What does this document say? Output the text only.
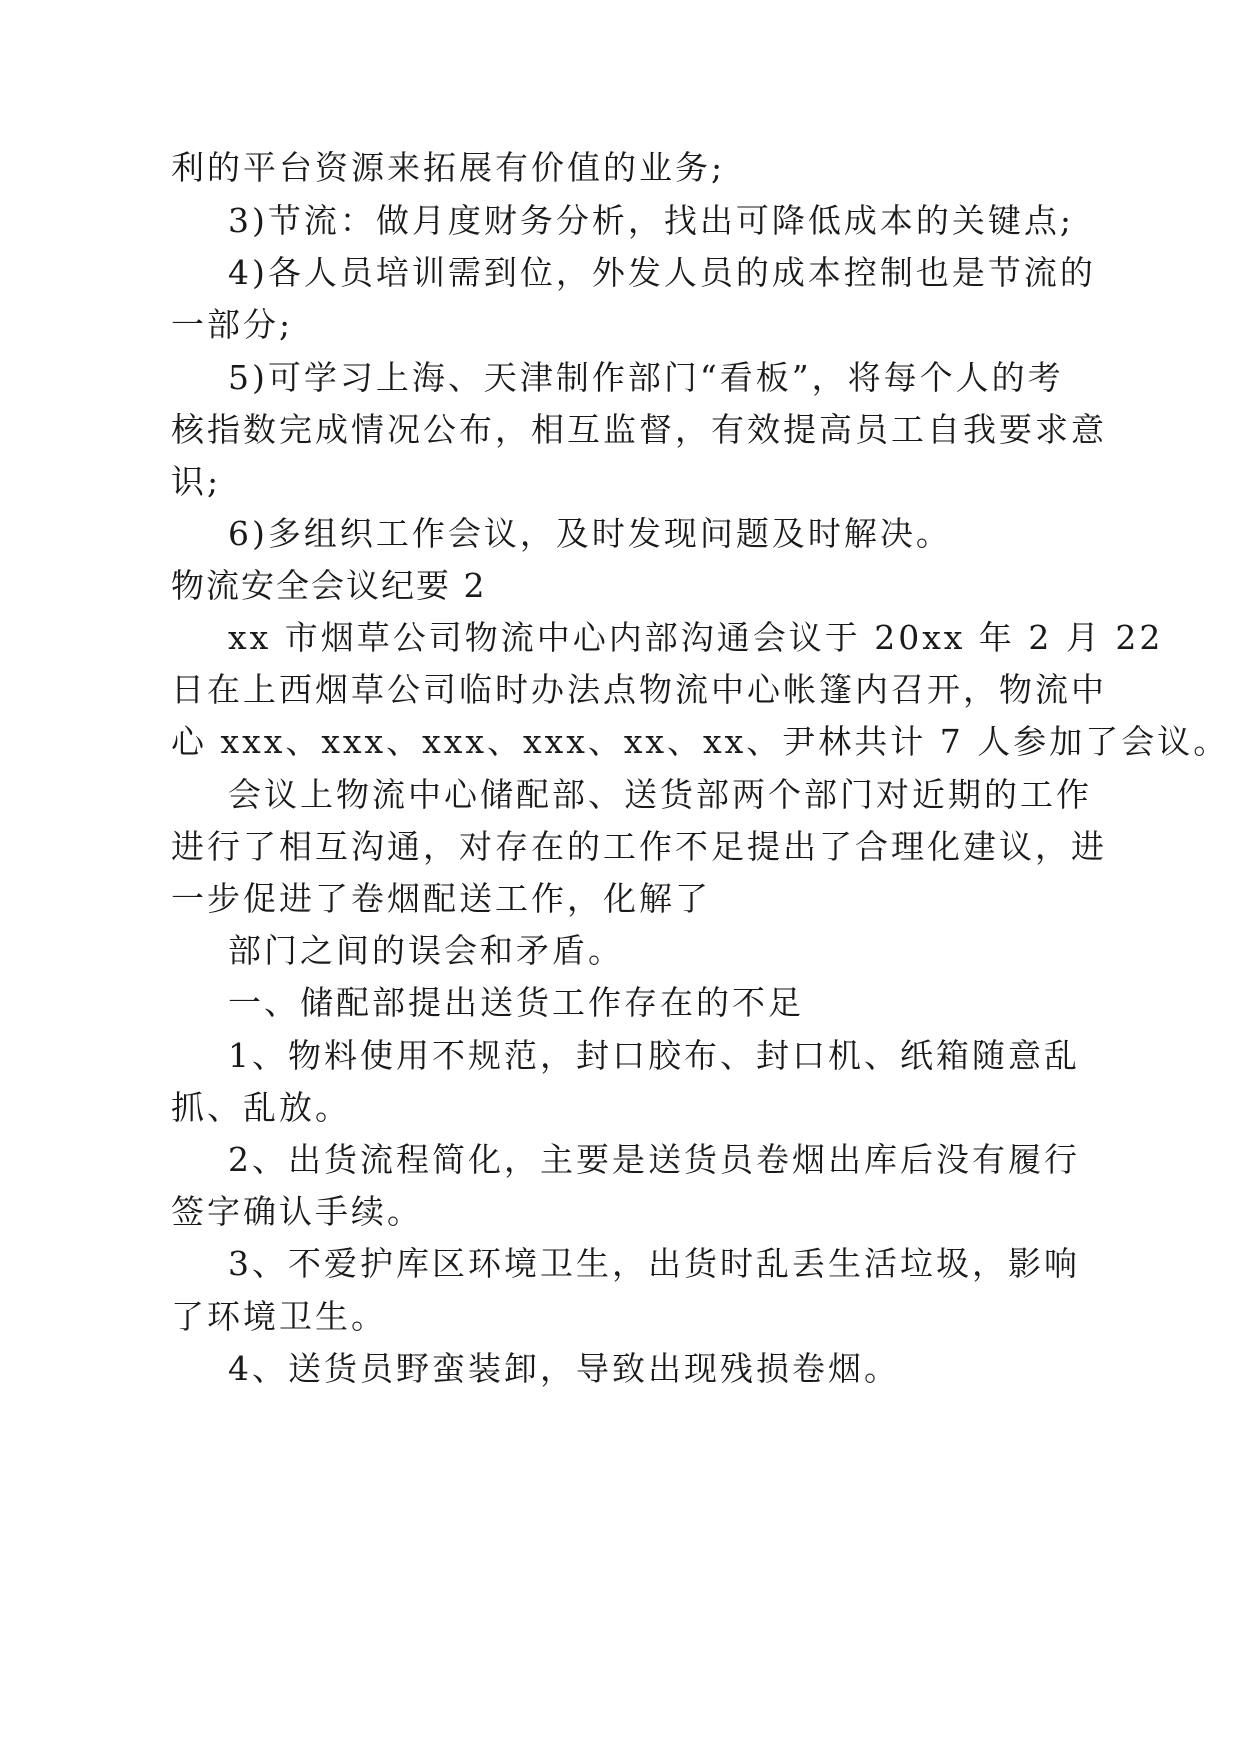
利的平台资源来拓展有价值的业务;

3)节流：做月度财务分析，找出可降低成本的关键点;

4)各人员培训需到位，外发人员的成本控制也是节流的

一部分;

5)可学习上海、天津制作部门“看板”，将每个人的考

核指数完成情况公布，相互监督，有效提高员工自我要求意

识;

6)多组织工作会议，及时发现问题及时解决。

物流安全会议纪要 2

xx 市烟草公司物流中心内部沟通会议于 20xx 年 2 月 22

日在上西烟草公司临时办法点物流中心帐篷内召开，物流中

心 xxx、xxx、xxx、xxx、xx、xx、尹林共计 7 人参加了会议。

会议上物流中心储配部、送货部两个部门对近期的工作

进行了相互沟通，对存在的工作不足提出了合理化建议，进

一步促进了卷烟配送工作，化解了

部门之间的误会和矛盾。

一、储配部提出送货工作存在的不足

1、物料使用不规范，封口胶布、封口机、纸箱随意乱

抓、乱放。

2、出货流程简化，主要是送货员卷烟出库后没有履行

签字确认手续。

3、不爱护库区环境卫生，出货时乱丢生活垃圾，影响

了环境卫生。

4、送货员野蛮装卸，导致出现残损卷烟。
